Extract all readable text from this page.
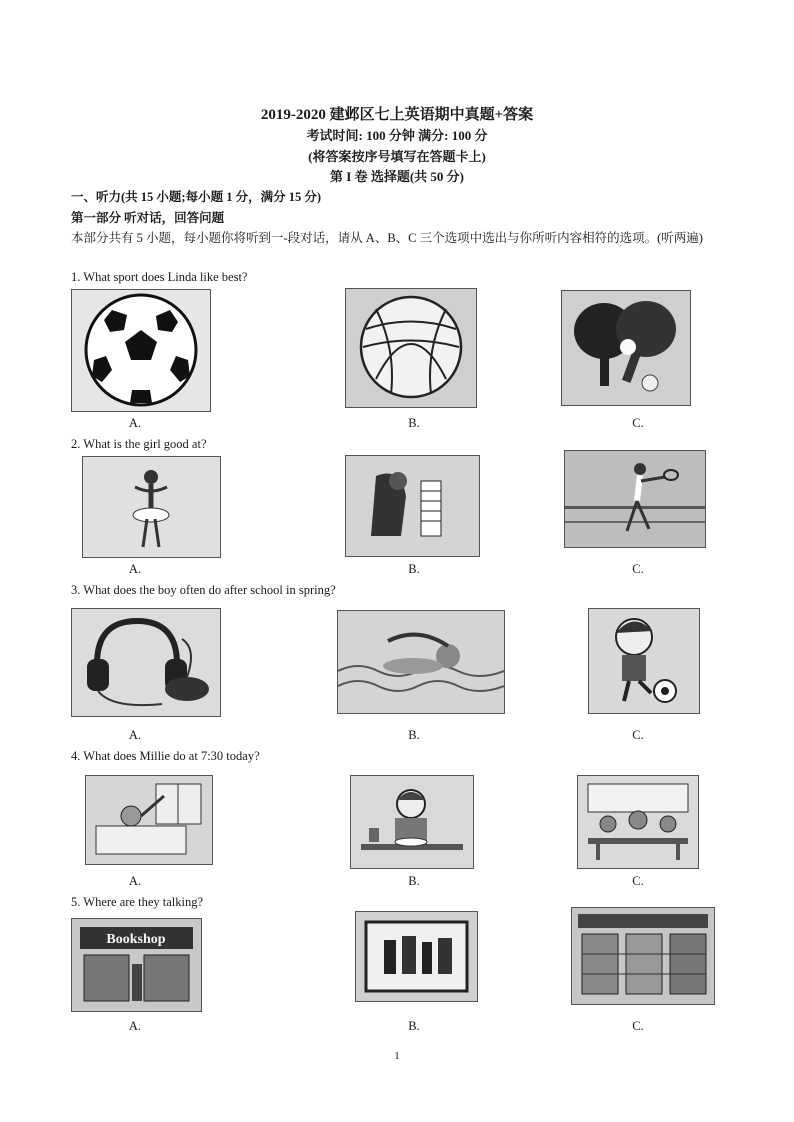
2019-2020 建邺区七上英语期中真题+答案
考试时间: 100 分钟 满分: 100 分
(将答案按序号填写在答题卡上)
第 I 卷 选择题(共 50 分)
一、听力(共 15 小题;每小题 1 分，满分 15 分)
第一部分 听对话，回答问题
本部分共有 5 小题，每小题你将听到一-段对话，请从 A、B、C 三个选项中选出与你所听内容相符的选项。(听两遍)
1. What sport does Linda like best?
A.	B.	C.
2. What is the girl good at?
A.	B.	C.
3. What does the boy often do after school in spring?
A.	B.	C.
4. What does Millie do at 7:30 today?
A.	B.	C.
5. Where are they talking?
Bookshop
A.	B.	C.
1
